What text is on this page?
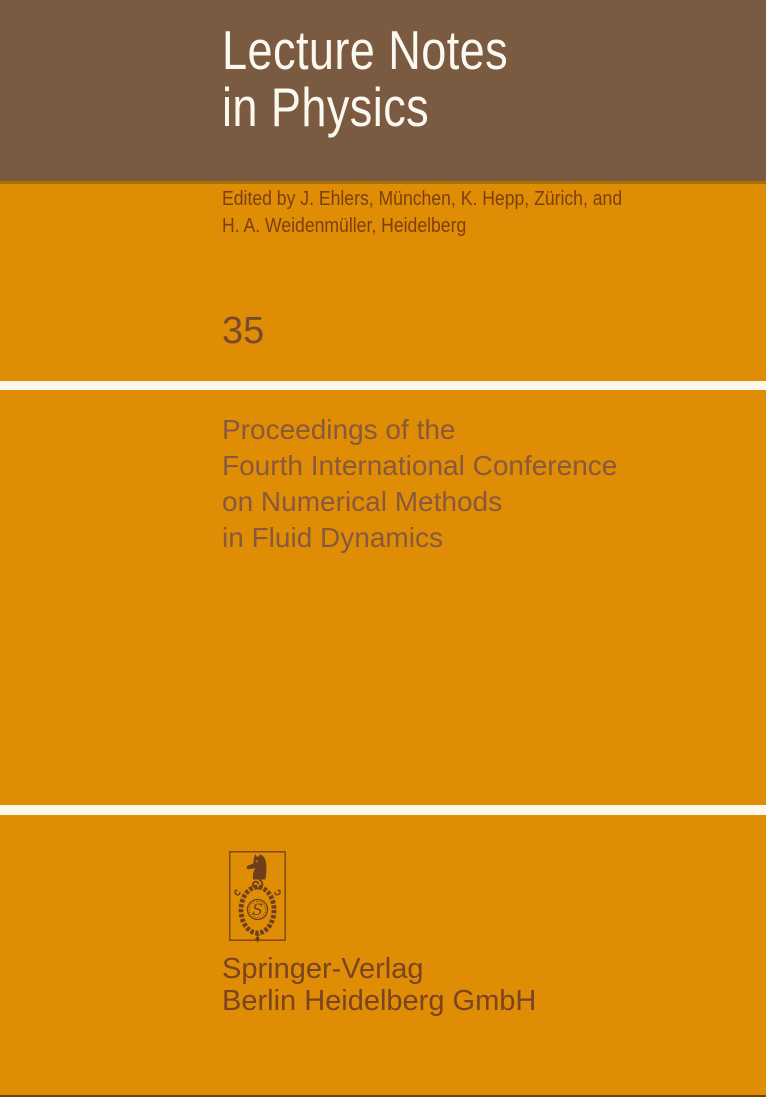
Lecture Notes
in Physics
Edited by J. Ehlers, München, K. Hepp, Zürich, and
H. A. Weidenmüller, Heidelberg
35
Proceedings of the
Fourth International Conference
on Numerical Methods
in Fluid Dynamics
S
Springer-Verlag
Berlin Heidelberg GmbH
